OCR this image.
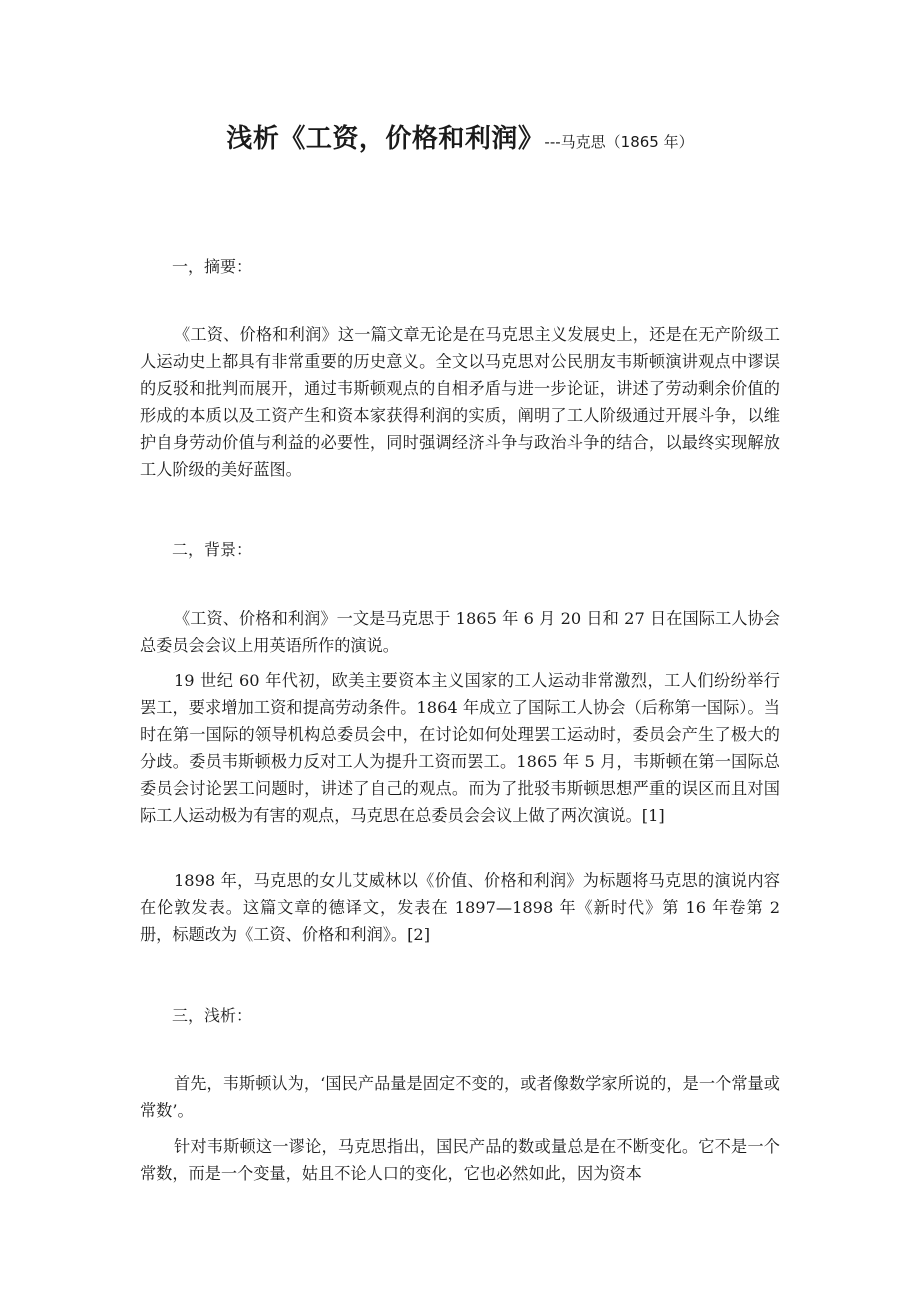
浅析《工资，价格和利润》---马克思（1865 年）
一，摘要：

《工资、价格和利润》这一篇文章无论是在马克思主义发展史上，还是在无产阶级工人运动史上都具有非常重要的历史意义。全文以马克思对公民朋友韦斯顿演讲观点中谬误的反驳和批判而展开，通过韦斯顿观点的自相矛盾与进一步论证，讲述了劳动剩余价值的形成的本质以及工资产生和资本家获得利润的实质，阐明了工人阶级通过开展斗争，以维护自身劳动价值与利益的必要性，同时强调经济斗争与政治斗争的结合，以最终实现解放工人阶级的美好蓝图。

二，背景：

《工资、价格和利润》一文是马克思于 1865 年 6 月 20 日和 27 日在国际工人协会总委员会会议上用英语所作的演说。

19 世纪 60 年代初，欧美主要资本主义国家的工人运动非常激烈，工人们纷纷举行罢工，要求增加工资和提高劳动条件。1864 年成立了国际工人协会（后称第一国际）。当时在第一国际的领导机构总委员会中，在讨论如何处理罢工运动时，委员会产生了极大的分歧。委员韦斯顿极力反对工人为提升工资而罢工。1865 年 5 月，韦斯顿在第一国际总委员会讨论罢工问题时，讲述了自己的观点。而为了批驳韦斯顿思想严重的误区而且对国际工人运动极为有害的观点，马克思在总委员会会议上做了两次演说。[1]

1898 年，马克思的女儿艾威林以《价值、价格和利润》为标题将马克思的演说内容在伦敦发表。这篇文章的德译文，发表在 1897—1898 年《新时代》第 16 年卷第 2 册，标题改为《工资、价格和利润》。[2]

三，浅析：

首先，韦斯顿认为，‘国民产品量是固定不变的，或者像数学家所说的，是一个常量或常数’。

针对韦斯顿这一谬论，马克思指出，国民产品的数或量总是在不断变化。它不是一个常数，而是一个变量，姑且不论人口的变化，它也必然如此，因为资本
